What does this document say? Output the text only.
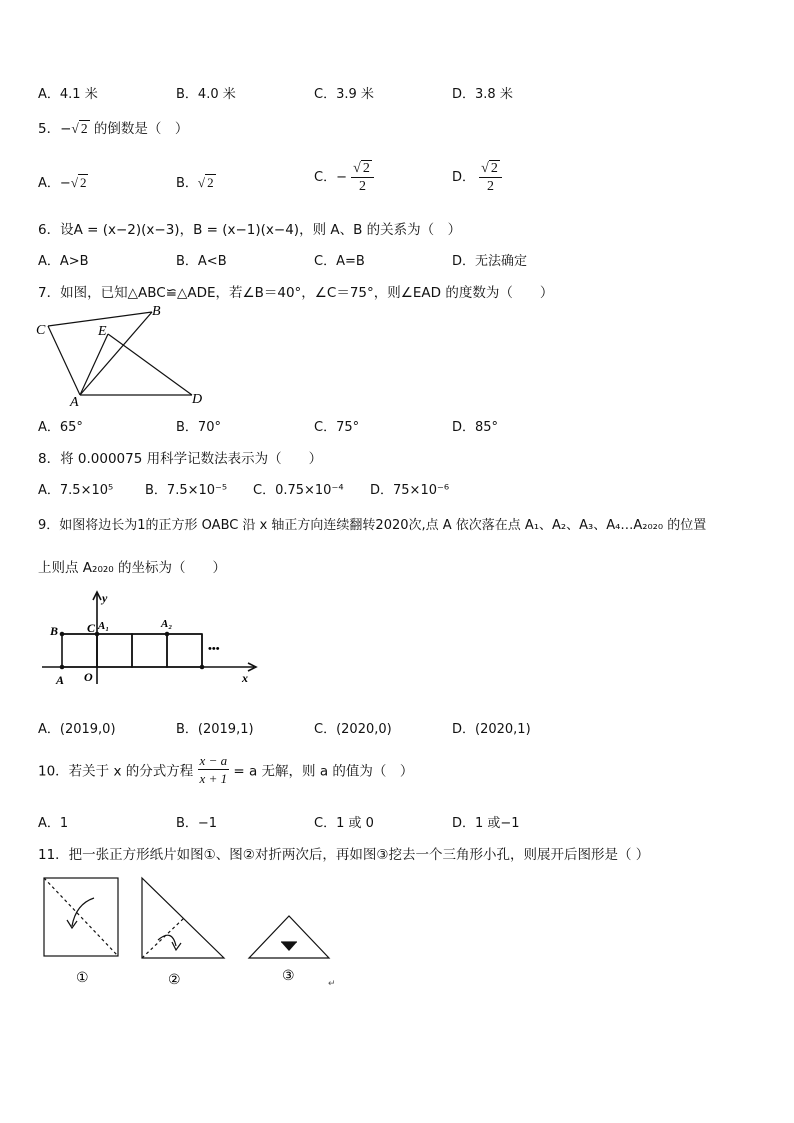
A．4.1 米	B．4.0 米	C．3.9 米	D．3.8 米
5．−√ 2 的倒数是（　）
A．−√ 2	B．√ 2	C．− $\frac{√ 2}{2}$	D． $\frac{√ 2}{2}$
6．设A = (x−2)(x−3)，B = (x−1)(x−4)，则 A、B 的关系为（　）
A．A>B	B．A<B	C．A=B	D．无法确定
7．如图，已知△ABC≌△ADE，若∠B＝40°，∠C＝75°，则∠EAD 的度数为（　　）
C
B
E
A	D
A．65°	B．70°	C．75°	D．85°
8．将 0.000075 用科学记数法表示为（　　）
A．7.5×10⁵ B．7.5×10⁻⁵ C．0.75×10⁻⁴ D．75×10⁻⁶
9．如图将边长为1的正方形 OABC 沿 x 轴正方向连续翻转2020次,点 A 依次落在点 A₁、A₂、A₃、A₄…A₂₀₂₀ 的位置
上则点 A₂₀₂₀ 的坐标为（　　）
y
x
B C A₁	A₂
A O
•••
A．(2019,0)	B．(2019,1)	C．(2020,0)	D．(2020,1)
10．若关于 x 的分式方程 $\frac{x - a}{x + 1} = a$ 无解，则 a 的值为（　）
A．1	B．−1	C．1 或 0	D．1 或−1
11．把一张正方形纸片如图①、图②对折两次后，再如图③挖去一个三角形小孔，则展开后图形是（ ）
①	②	③	↵
